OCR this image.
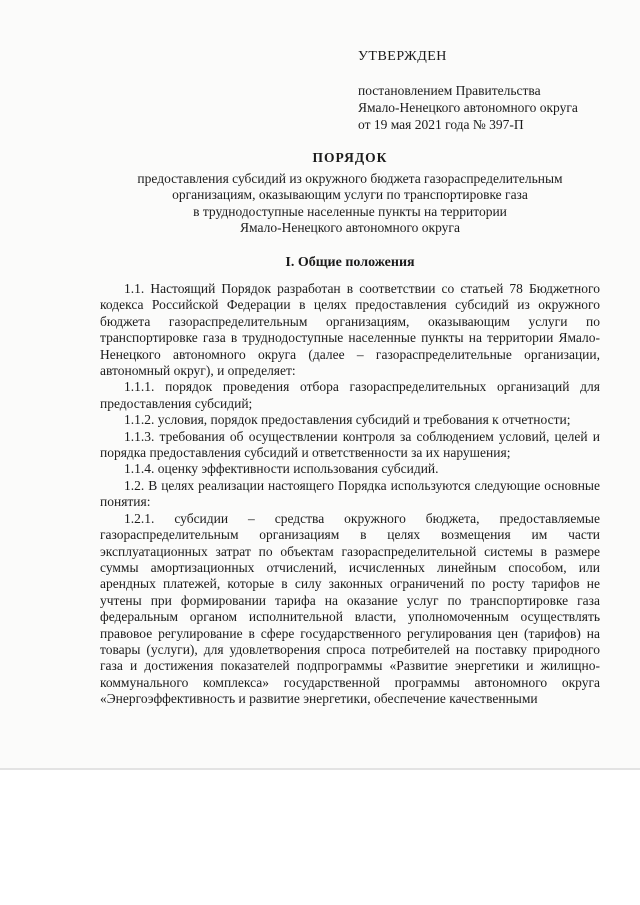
УТВЕРЖДЕН
постановлением Правительства
Ямало-Ненецкого автономного округа
от 19 мая 2021 года № 397-П
ПОРЯДОК
предоставления субсидий из окружного бюджета газораспределительным
организациям, оказывающим услуги по транспортировке газа
в труднодоступные населенные пункты на территории
Ямало-Ненецкого автономного округа
I. Общие положения

1.1. Настоящий Порядок разработан в соответствии со статьей 78 Бюджетного кодекса Российской Федерации в целях предоставления субсидий из окружного бюджета газораспределительным организациям, оказывающим услуги по транспортировке газа в труднодоступные населенные пункты на территории Ямало-Ненецкого автономного округа (далее – газораспределительные организации, автономный округ), и определяет:

1.1.1. порядок проведения отбора газораспределительных организаций для предоставления субсидий;

1.1.2. условия, порядок предоставления субсидий и требования к отчетности;

1.1.3. требования об осуществлении контроля за соблюдением условий, целей и порядка предоставления субсидий и ответственности за их нарушения;

1.1.4. оценку эффективности использования субсидий.

1.2. В целях реализации настоящего Порядка используются следующие основные понятия:

1.2.1. субсидии – средства окружного бюджета, предоставляемые газораспределительным организациям в целях возмещения им части эксплуатационных затрат по объектам газораспределительной системы в размере суммы амортизационных отчислений, исчисленных линейным способом, или арендных платежей, которые в силу законных ограничений по росту тарифов не учтены при формировании тарифа на оказание услуг по транспортировке газа федеральным органом исполнительной власти, уполномоченным осуществлять правовое регулирование в сфере государственного регулирования цен (тарифов) на товары (услуги), для удовлетворения спроса потребителей на поставку природного газа и достижения показателей подпрограммы «Развитие энергетики и жилищно-коммунального комплекса» государственной программы автономного округа «Энергоэффективность и развитие энергетики, обеспечение качественными
